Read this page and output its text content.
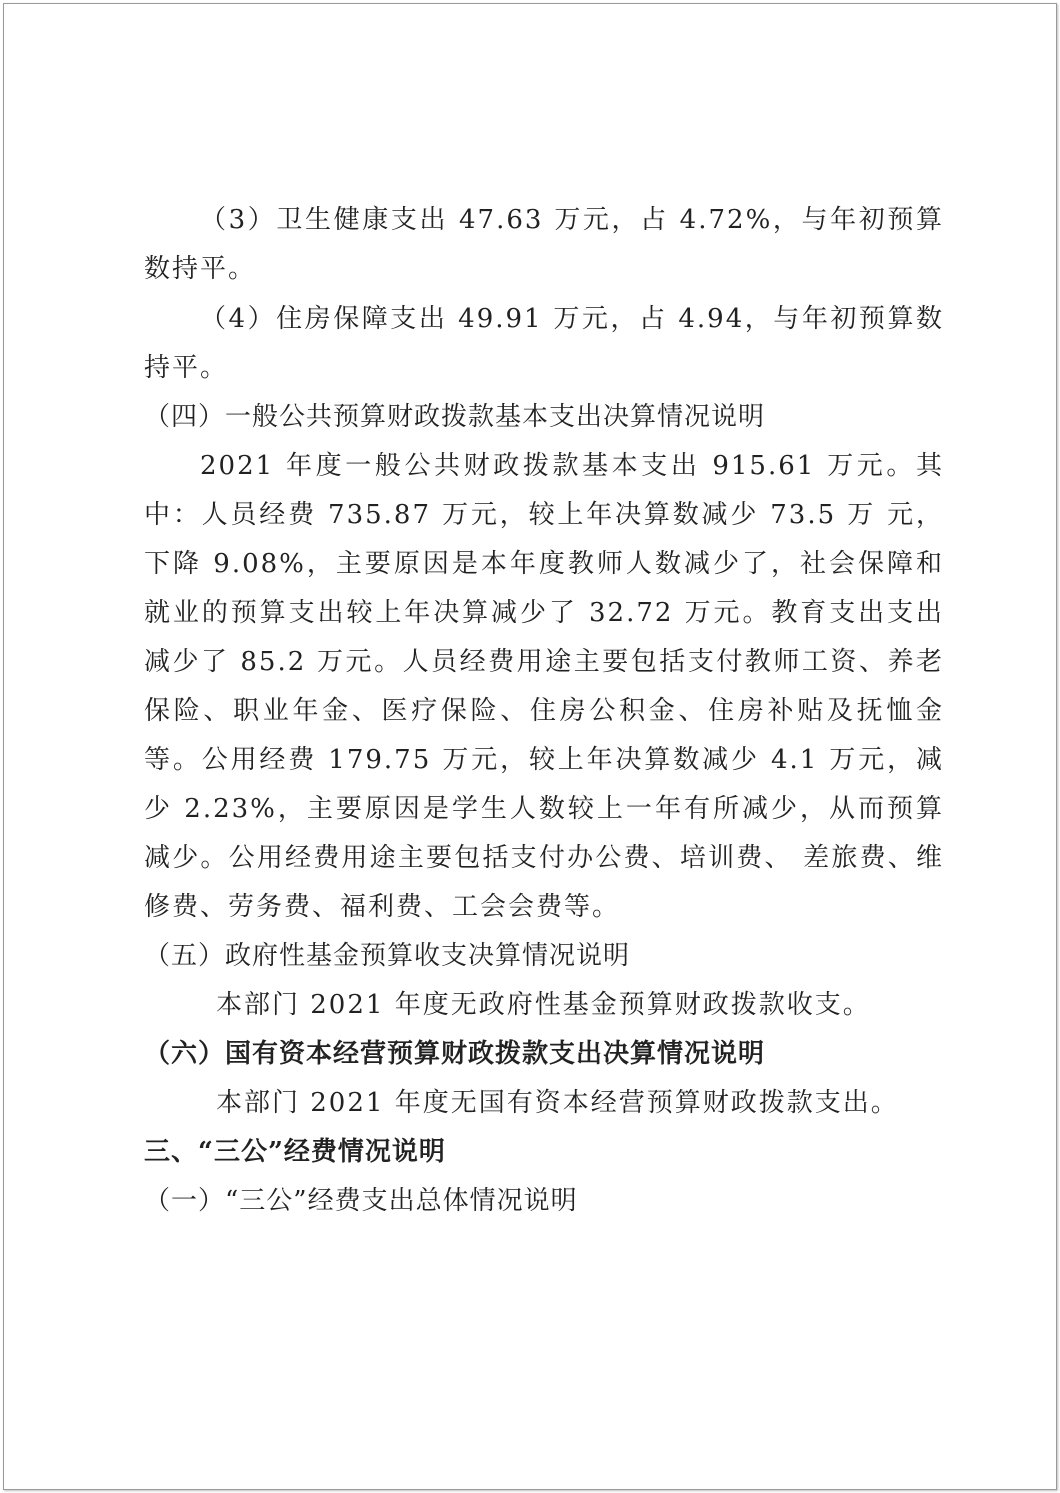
（3）卫生健康支出 47.63 万元，占 4.72%，与年初预算数持平。

（4）住房保障支出 49.91 万元，占 4.94，与年初预算数持平。

（四）一般公共预算财政拨款基本支出决算情况说明

2021 年度一般公共财政拨款基本支出 915.61 万元。其中：人员经费 735.87 万元，较上年决算数减少 73.5 万 元，下降 9.08%，主要原因是本年度教师人数减少了，社会保障和就业的预算支出较上年决算减少了 32.72 万元。教育支出支出减少了 85.2 万元。人员经费用途主要包括支付教师工资、养老保险、职业年金、医疗保险、住房公积金、住房补贴及抚恤金等。公用经费 179.75 万元，较上年决算数减少 4.1 万元，减少 2.23%，主要原因是学生人数较上一年有所减少，从而预算减少。公用经费用途主要包括支付办公费、培训费、 差旅费、维修费、劳务费、福利费、工会会费等。

（五）政府性基金预算收支决算情况说明

本部门 2021 年度无政府性基金预算财政拨款收支。

（六）国有资本经营预算财政拨款支出决算情况说明

本部门 2021 年度无国有资本经营预算财政拨款支出。

三、“三公”经费情况说明

（一）“三公”经费支出总体情况说明
